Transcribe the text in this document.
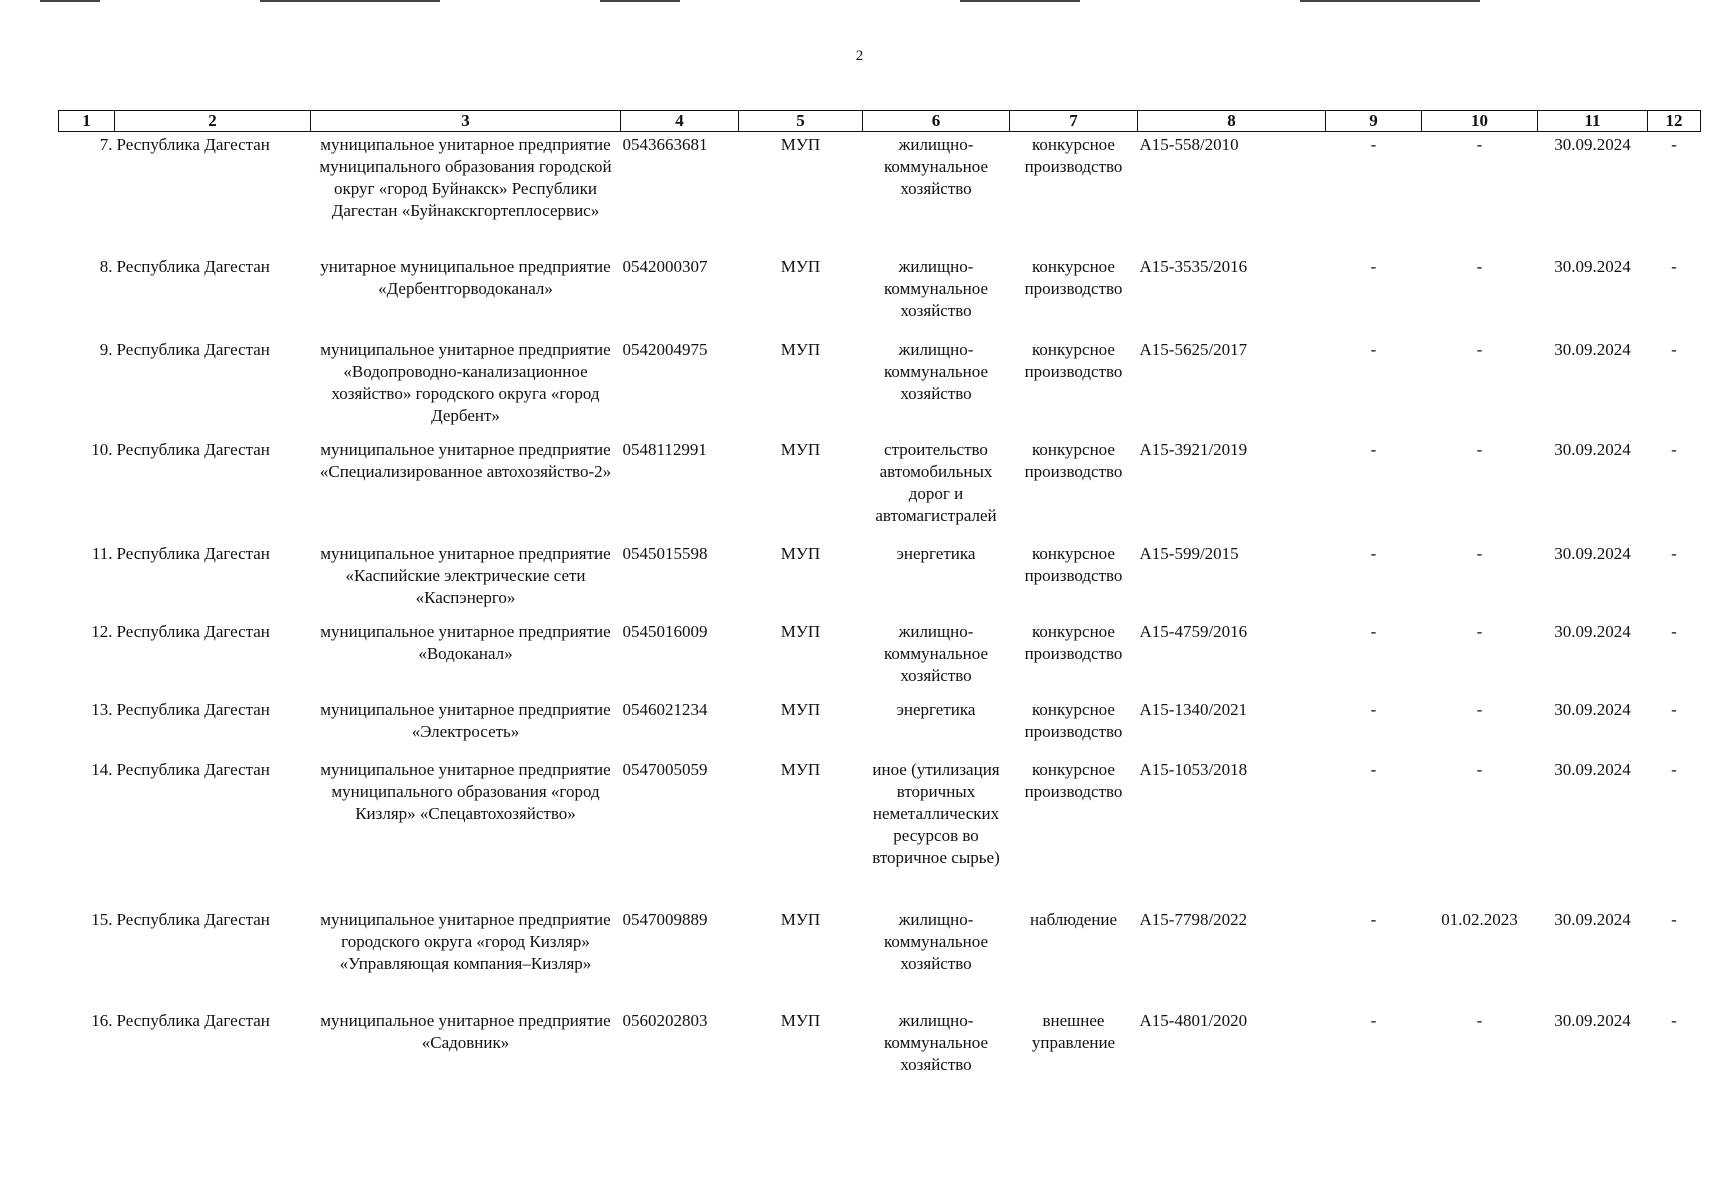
2
1	2	3	4	5	6	7	8	9	10	11	12
7.	Республика Дагестан	муниципальное унитарное предприятие муниципального образования городской округ «город Буйнакск» Республики Дагестан «Буйнакскгортеплосервис»	0543663681	МУП	жилищно-коммунальное хозяйство	конкурсное производство	А15-558/2010	-	-	30.09.2024	-
8.	Республика Дагестан	унитарное муниципальное предприятие «Дербентгорводоканал»	0542000307	МУП	жилищно-коммунальное хозяйство	конкурсное производство	А15-3535/2016	-	-	30.09.2024	-
9.	Республика Дагестан	муниципальное унитарное предприятие «Водопроводно-канализационное хозяйство» городского округа «город Дербент»	0542004975	МУП	жилищно-коммунальное хозяйство	конкурсное производство	А15-5625/2017	-	-	30.09.2024	-
10.	Республика Дагестан	муниципальное унитарное предприятие «Специализированное автохозяйство-2»	0548112991	МУП	строительство автомобильных дорог и автомагистралей	конкурсное производство	А15-3921/2019	-	-	30.09.2024	-
11.	Республика Дагестан	муниципальное унитарное предприятие «Каспийские электрические сети «Каспэнерго»	0545015598	МУП	энергетика	конкурсное производство	А15-599/2015	-	-	30.09.2024	-
12.	Республика Дагестан	муниципальное унитарное предприятие «Водоканал»	0545016009	МУП	жилищно-коммунальное хозяйство	конкурсное производство	А15-4759/2016	-	-	30.09.2024	-
13.	Республика Дагестан	муниципальное унитарное предприятие «Электросеть»	0546021234	МУП	энергетика	конкурсное производство	А15-1340/2021	-	-	30.09.2024	-
14.	Республика Дагестан	муниципальное унитарное предприятие муниципального образования «город Кизляр» «Спецавтохозяйство»	0547005059	МУП	иное (утилизация вторичных неметаллических ресурсов во вторичное сырье)	конкурсное производство	А15-1053/2018	-	-	30.09.2024	-
15.	Республика Дагестан	муниципальное унитарное предприятие городского округа «город Кизляр» «Управляющая компания–Кизляр»	0547009889	МУП	жилищно-коммунальное хозяйство	наблюдение	А15-7798/2022	-	01.02.2023	30.09.2024	-
16.	Республика Дагестан	муниципальное унитарное предприятие «Садовник»	0560202803	МУП	жилищно-коммунальное хозяйство	внешнее управление	А15-4801/2020	-	-	30.09.2024	-
